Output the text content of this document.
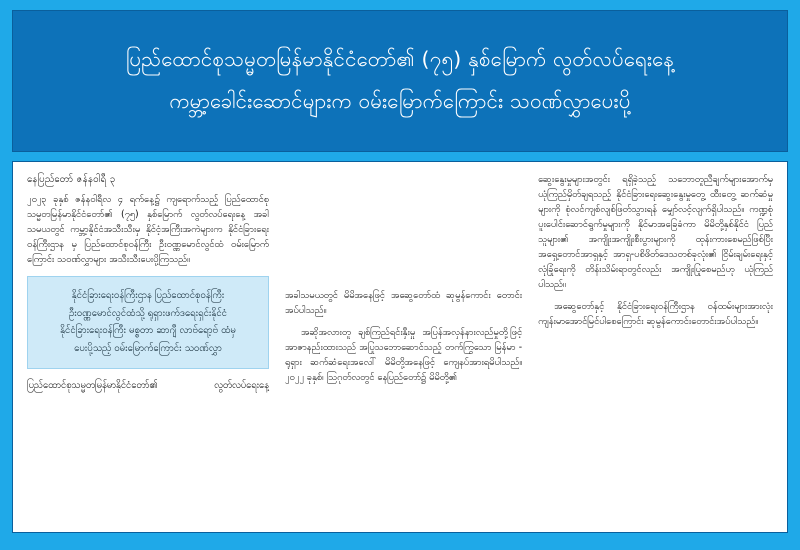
ပြည်ထောင်စုသမ္မတမြန်မာနိုင်ငံတော်၏ (၇၅) နှစ်မြောက် လွတ်လပ်ရေးနေ့
ကမ္ဘာ့ခေါင်းဆောင်များက ဝမ်းမြောက်ကြောင်း သဝဏ်လွှာပေးပို့
နေပြည်တော် ဇန်နဝါရီ ၃

၂၀၂၃ ခုနှစ် ဇန်နဝါရီလ ၄ ရက်နေ့၌ ကျရောက်သည့် ပြည်ထောင်စုသမ္မတမြန်မာနိုင်ငံတော်၏ (၇၅) နှစ်မြောက် လွတ်လပ်ရေးနေ့ အခါသမယတွင် ကမ္ဘာ့နိုင်ငံအသီးသီးမှ နိုင်ငံ့အကြီးအကဲများက နိုင်ငံခြားရေးဝန်ကြီးဌာန မှ ပြည်ထောင်စုဝန်ကြီး ဦးဝဏ္ဏမောင်လွင်ထံ ဝမ်းမြောက်ကြောင်း သဝဏ်လွှာများ အသီးသီးပေးပို့ကြသည်။

နိုင်ငံခြားရေးဝန်ကြီးဌာန ပြည်ထောင်စုဝန်ကြီး
ဦးဝဏ္ဏမောင်လွင်ထံသို့ ရုရှားဖက်ဒရေးရှင်းနိုင်ငံ
နိုင်ငံခြားရေးဝန်ကြီး မစ္စတာ ဆာဂျီ လာဗ်ရော့ဗ် ထံမှ
ပေးပို့သည့် ဝမ်းမြောက်ကြောင်း သဝဏ်လွှာ
ပြည်ထောင်စုသမ္မတမြန်မာနိုင်ငံတော်၏	လွတ်လပ်ရေးနေ့

အခါသမယတွင် မိမိအနေဖြင့် အဆွေတော်ထံ ဆုမွန်ကောင်း တောင်းအပ်ပါသည်။

အဆိုအလားတူ ချစ်ကြည်ရင်းနှီးမှု အပြန်အလှန်နားလည်မှုတို့ဖြင့် အာဇာနည်းထားသည် အပြုသဘောဆောင်သည့် တက်ကြွသော မြန်မာ - ရုရှား ဆက်ဆံရေးအလေါ် မိမိတို့အနေဖြင့် ကျေနပ်အားရမိပါသည်။ ၂၀၂၂ ခုနှစ်၊ သြဂုတ်လတွင် နေပြည်တော်၌ မိမိတို့၏

ဆွေးနွေးမှုများအတွင်း ရရှိခဲ့သည့် သဘောတူညီချက်များအောက်မှ ယုံကြည်မှိတ်ချရသည့် နိုင်ငံခြားရေးဆွေးနွေးမှုတွေ့ ထီးတွေ့ ဆက်ဆံမှုများကို စုံလင်ကျစ်လျစ်ဖြတ်သွားရန် မျှော်လင့်လျက်ရှိပါသည်။ ကဏ္ဍစုံ ပူးပေါင်းဆောင်ရွက်မှုများကို နိုင်မာအခြေခံကာ မိမိတို့နှစ်နိုင်ငံ ပြည်သူများ၏ အကျိုးအကျိုးစီးပွားများကို ထုန်းကားစေမည်ဖြစ်ပြီး အရှေ့တောင်အာရှနှင့် အာရှ-ပစိဖိတ်ဒေသတစ်ခုလုံး၏ ငြိမ်းချမ်းရေးနှင့် လုံခြုံရေးကို တိန်းသိမ်းရာတွင်လည်း အကျိုးပြုစေမည်ဟု ယုံကြည်ပါသည်။

အဆွေတော်နှင့် နိုင်ငံခြားရေးဝန်ကြီးဌာန ဝန်ထမ်းများအားလုံး ကျန်းမာအောင်မြင်ပါစေကြောင်း ဆုမွန်ကောင်းတောင်းအပ်ပါသည်။
